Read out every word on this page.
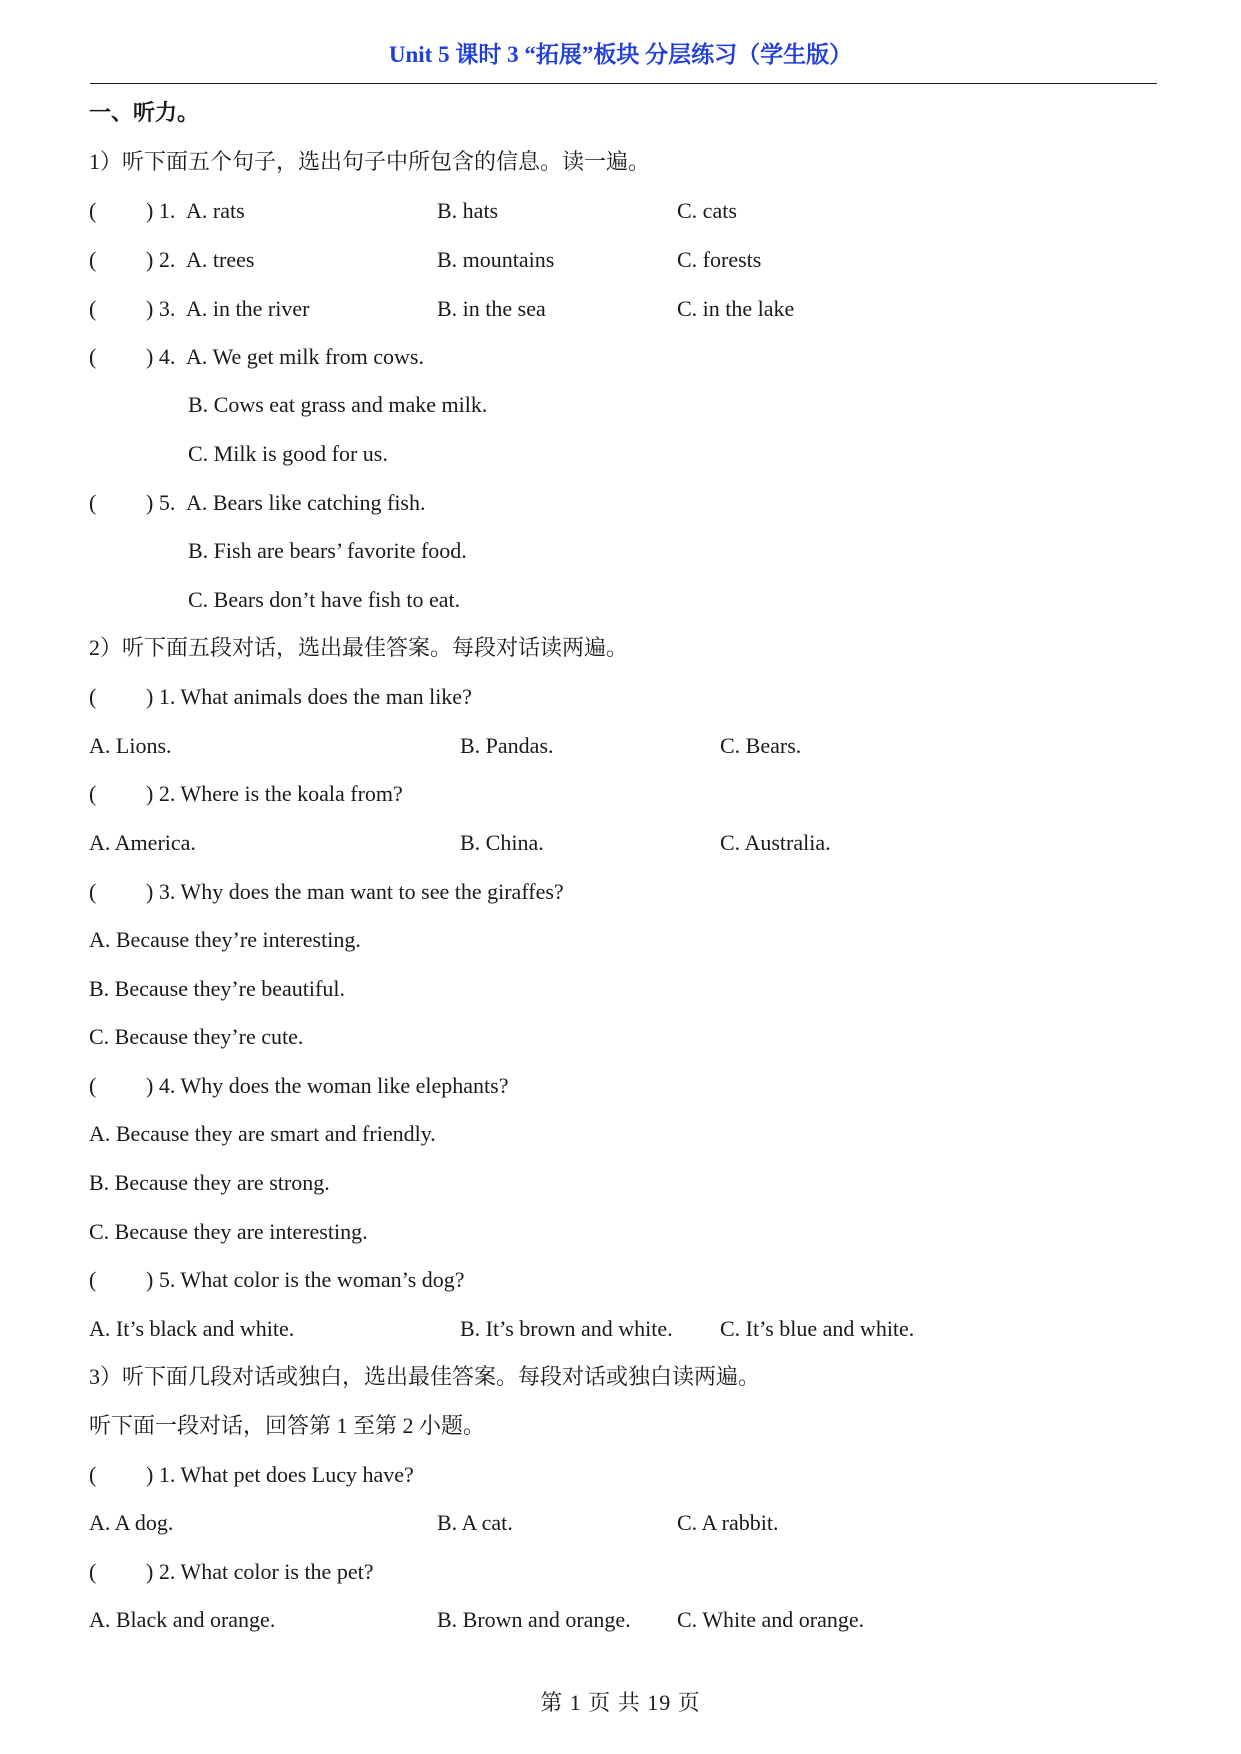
Unit 5 课时 3 “拓展”板块 分层练习（学生版）
一、听力。
1）听下面五个句子，选出句子中所包含的信息。读一遍。
( ) 1. A. rats	B. hats	C. cats
( ) 2. A. trees	B. mountains	C. forests
( ) 3. A. in the river	B. in the sea	C. in the lake
( ) 4. A. We get milk from cows.
B. Cows eat grass and make milk.
C. Milk is good for us.
( ) 5. A. Bears like catching fish.
B. Fish are bears’ favorite food.
C. Bears don’t have fish to eat.
2）听下面五段对话，选出最佳答案。每段对话读两遍。
( ) 1. What animals does the man like?
A. Lions.	B. Pandas.	C. Bears.
( ) 2. Where is the koala from?
A. America.	B. China.	C. Australia.
( ) 3. Why does the man want to see the giraffes?
A. Because they’re interesting.
B. Because they’re beautiful.
C. Because they’re cute.
( ) 4. Why does the woman like elephants?
A. Because they are smart and friendly.
B. Because they are strong.
C. Because they are interesting.
( ) 5. What color is the woman’s dog?
A. It’s black and white.	B. It’s brown and white. C. It’s blue and white.
3）听下面几段对话或独白，选出最佳答案。每段对话或独白读两遍。
听下面一段对话，回答第 1 至第 2 小题。
( ) 1. What pet does Lucy have?
A. A dog.	B. A cat.	C. A rabbit.
( ) 2. What color is the pet?
A. Black and orange.	B. Brown and orange. C. White and orange.
第 1 页 共 19 页
